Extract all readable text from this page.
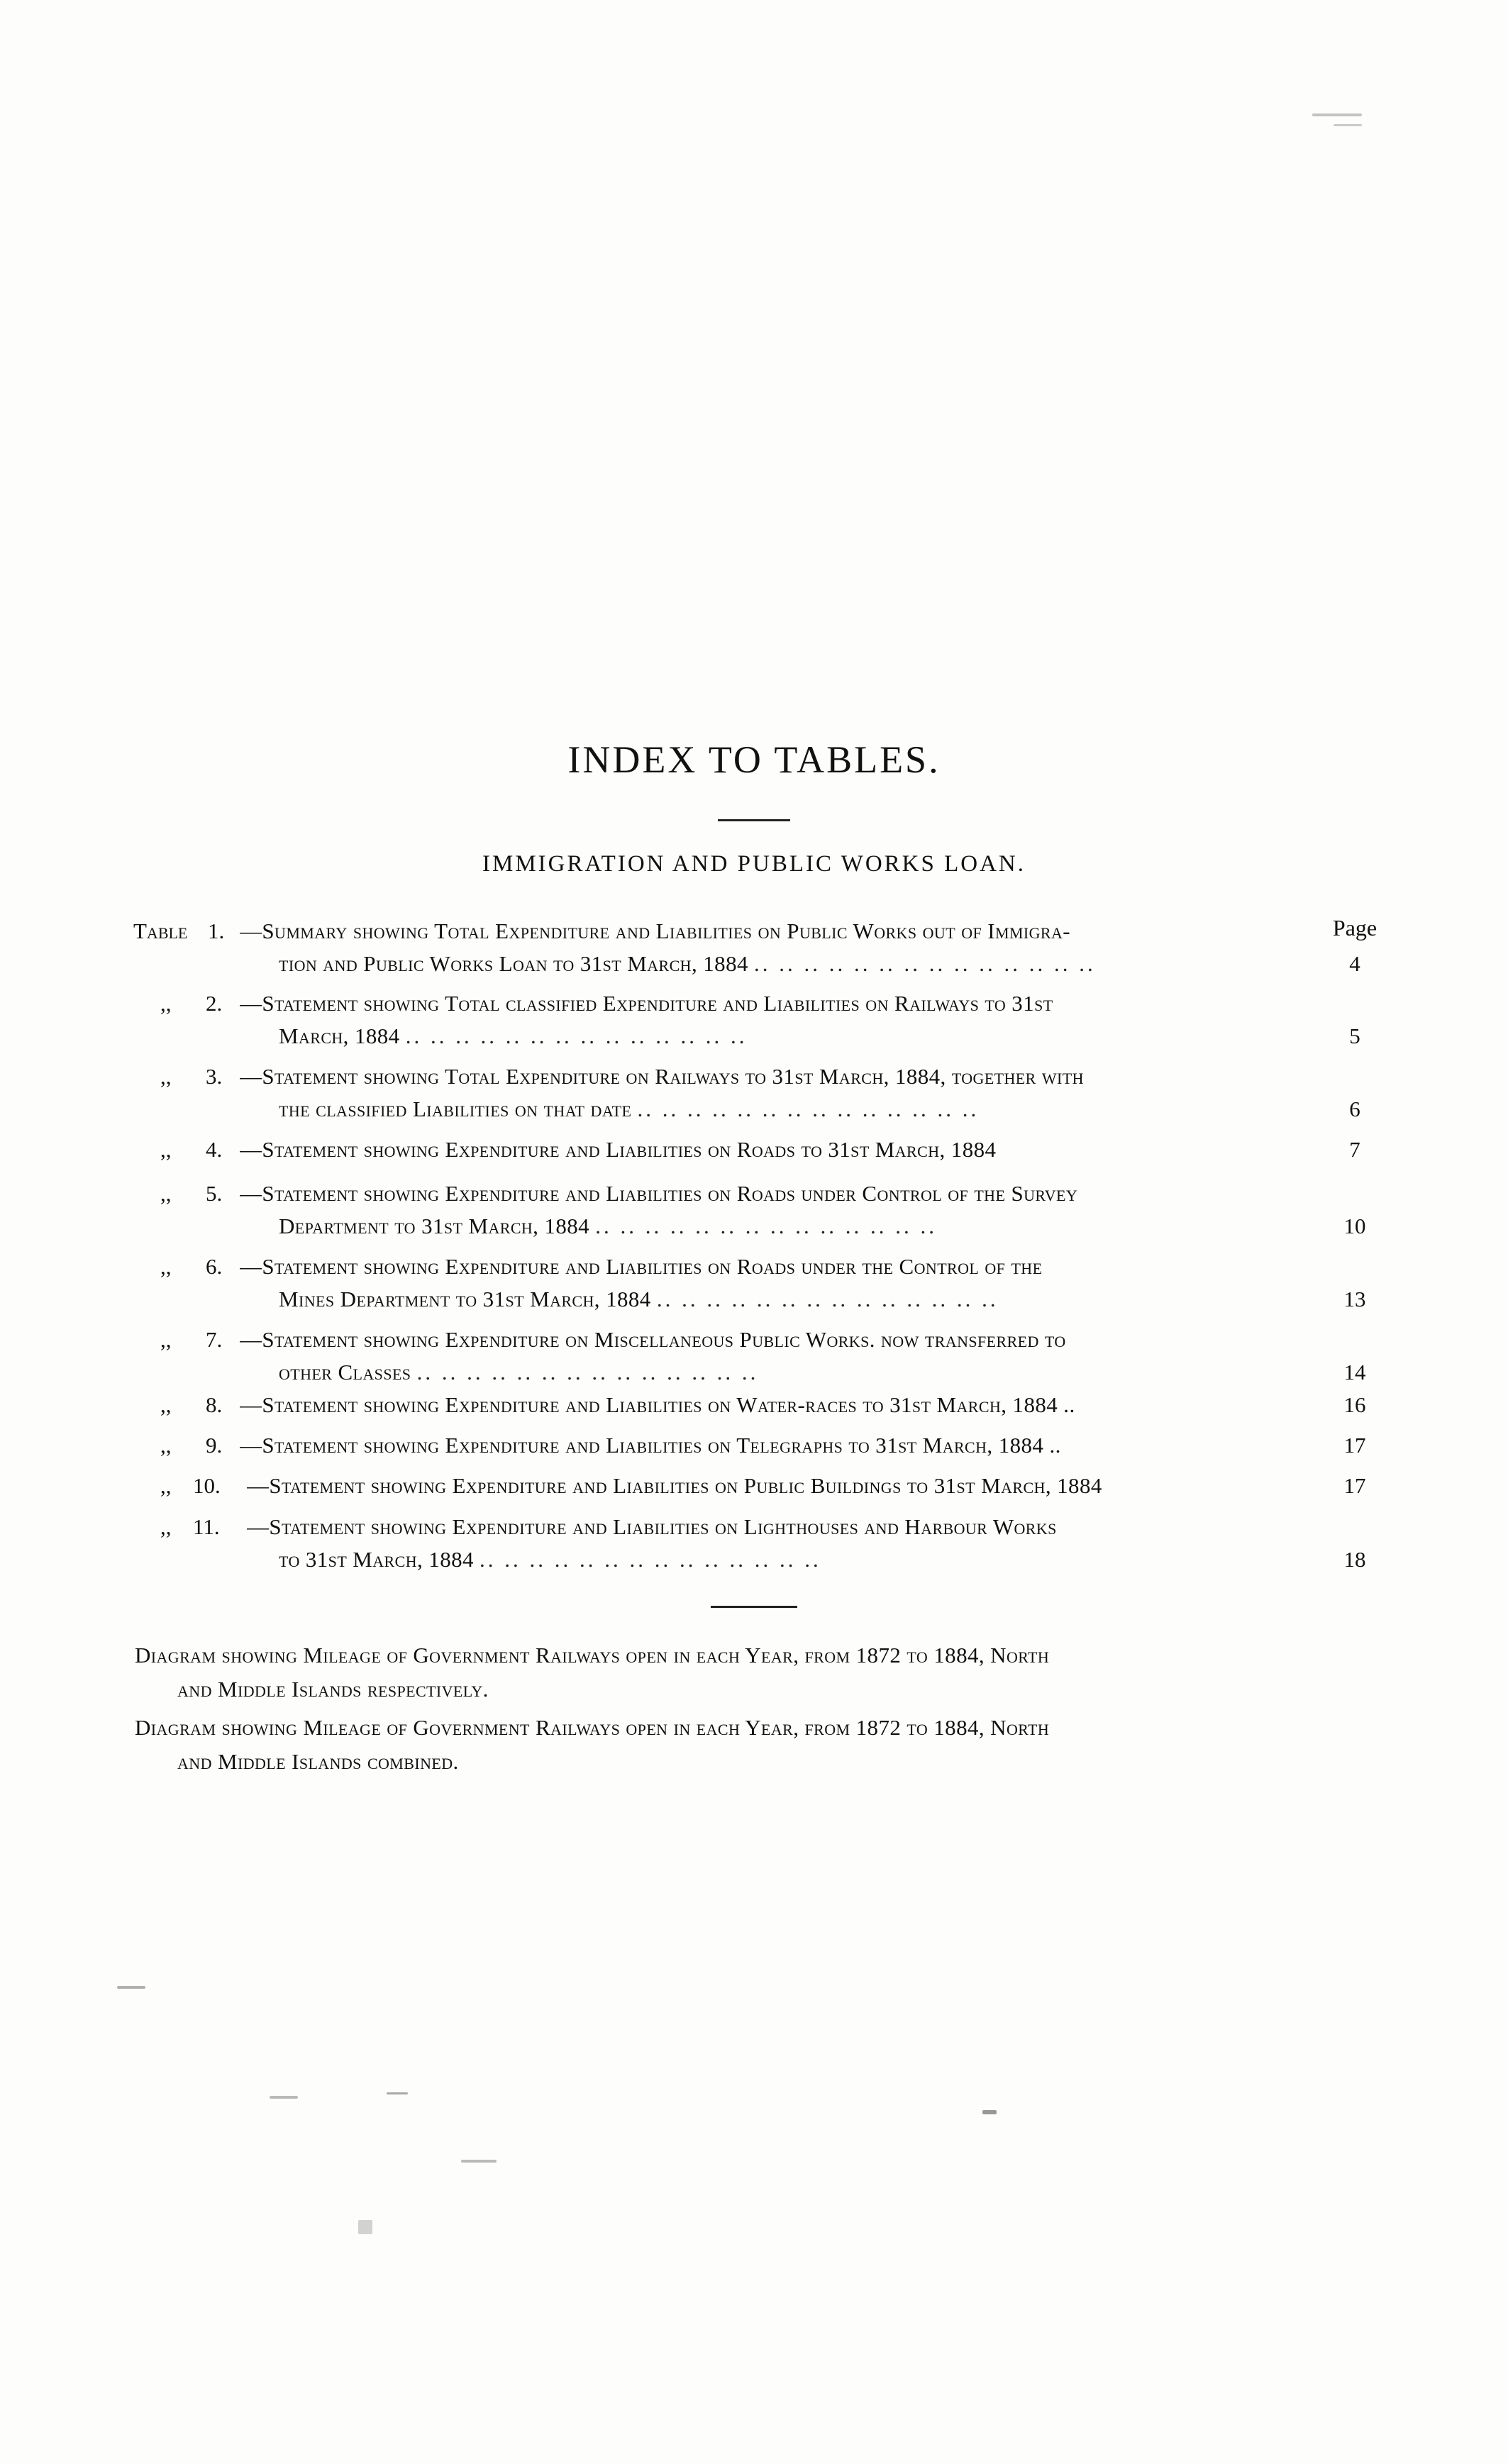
INDEX TO TABLES.
IMMIGRATION AND PUBLIC WORKS LOAN.
Page
Table 1. —Summary showing Total Expenditure and Liabilities on Public Works out of Immigra-
tion and Public Works Loan to 31st March, 1884 .. .. .. .. .. .. .. .. .. .. .. .. .. ..	4
,, 2. —Statement showing Total classified Expenditure and Liabilities on Railways to 31st
March, 1884 .. .. .. .. .. .. .. .. .. .. .. .. .. ..	5
,, 3. —Statement showing Total Expenditure on Railways to 31st March, 1884, together with
the classified Liabilities on that date .. .. .. .. .. .. .. .. .. .. .. .. .. ..	6
,, 4. —Statement showing Expenditure and Liabilities on Roads to 31st March, 1884	7
,, 5. —Statement showing Expenditure and Liabilities on Roads under Control of the Survey
Department to 31st March, 1884 .. .. .. .. .. .. .. .. .. .. .. .. .. ..	10
,, 6. —Statement showing Expenditure and Liabilities on Roads under the Control of the
Mines Department to 31st March, 1884 .. .. .. .. .. .. .. .. .. .. .. .. .. ..	13
,, 7. —Statement showing Expenditure on Miscellaneous Public Works. now transferred to
other Classes .. .. .. .. .. .. .. .. .. .. .. .. .. ..	14
,, 8. —Statement showing Expenditure and Liabilities on Water-races to 31st March, 1884 ..	16
,, 9. —Statement showing Expenditure and Liabilities on Telegraphs to 31st March, 1884 ..	17
,, 10. —Statement showing Expenditure and Liabilities on Public Buildings to 31st March, 1884	17
,, 11. —Statement showing Expenditure and Liabilities on Lighthouses and Harbour Works
to 31st March, 1884 .. .. .. .. .. .. .. .. .. .. .. .. .. ..	18
Diagram showing Mileage of Government Railways open in each Year, from 1872 to 1884, North
and Middle Islands respectively.
Diagram showing Mileage of Government Railways open in each Year, from 1872 to 1884, North
and Middle Islands combined.
